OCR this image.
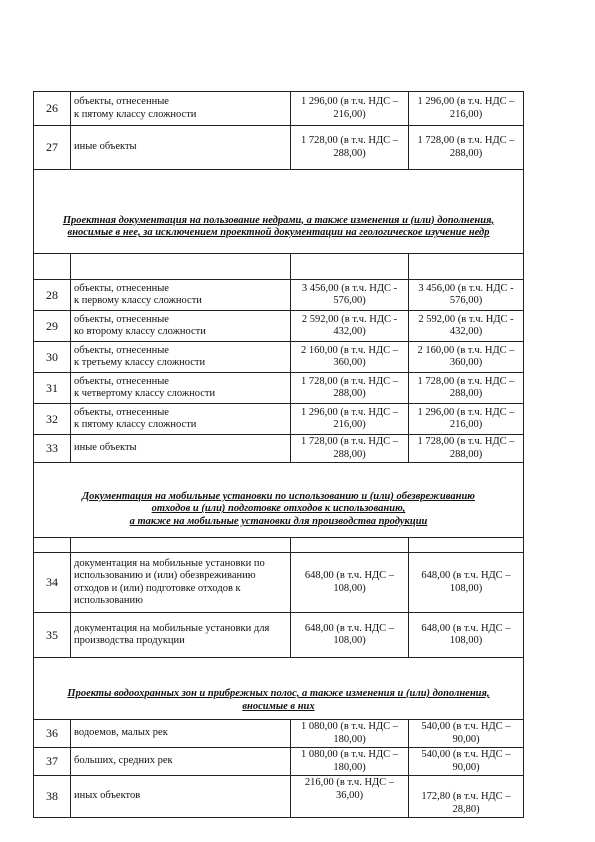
26	объекты, отнесенные
к пятому классу сложности	1 296,00 (в т.ч. НДС –
216,00)	1 296,00 (в т.ч. НДС –
216,00)
27	иные объекты	1 728,00 (в т.ч. НДС –
288,00)	1 728,00 (в т.ч. НДС –
288,00)

Проектная документация на пользование недрами, а также изменения и (или) дополнения,
вносимые в нее, за исключением проектной документации на геологическое изучение недр			

28	объекты, отнесенные
к первому классу сложности	3 456,00 (в т.ч. НДС -
576,00)	3 456,00 (в т.ч. НДС -
576,00)
29	объекты, отнесенные
ко второму классу сложности	2 592,00 (в т.ч. НДС -
432,00)	2 592,00 (в т.ч. НДС -
432,00)
30	объекты, отнесенные
к третьему классу сложности	2 160,00 (в т.ч. НДС –
360,00)	2 160,00 (в т.ч. НДС –
360,00)
31	объекты, отнесенные
к четвертому классу сложности	1 728,00 (в т.ч. НДС –
288,00)	1 728,00 (в т.ч. НДС –
288,00)
32	объекты, отнесенные
к пятому классу сложности	1 296,00 (в т.ч. НДС –
216,00)	1 296,00 (в т.ч. НДС –
216,00)
33	иные объекты	1 728,00 (в т.ч. НДС –
288,00)	1 728,00 (в т.ч. НДС –
288,00)

Документация на мобильные установки по использованию и (или) обезвреживанию
отходов и (или) подготовке отходов к использованию,
а также на мобильные установки для производства продукции			

34	документация на мобильные установки по
использованию и (или) обезвреживанию
отходов и (или) подготовке отходов к
использованию	648,00 (в т.ч. НДС –
108,00)	648,00 (в т.ч. НДС –
108,00)
35	документация на мобильные установки для
производства продукции	648,00 (в т.ч. НДС –
108,00)	648,00 (в т.ч. НДС –
108,00)

Проекты водоохранных зон и прибрежных полос, а также изменения и (или) дополнения,
вносимые в них			

36	водоемов, малых рек	1 080,00 (в т.ч. НДС –
180,00)	540,00 (в т.ч. НДС –
90,00)
37	больших, средних рек	1 080,00 (в т.ч. НДС –
180,00)	540,00 (в т.ч. НДС –
90,00)
38	иных объектов	216,00 (в т.ч. НДС –
36,00)	172,80 (в т.ч. НДС –
28,80)
